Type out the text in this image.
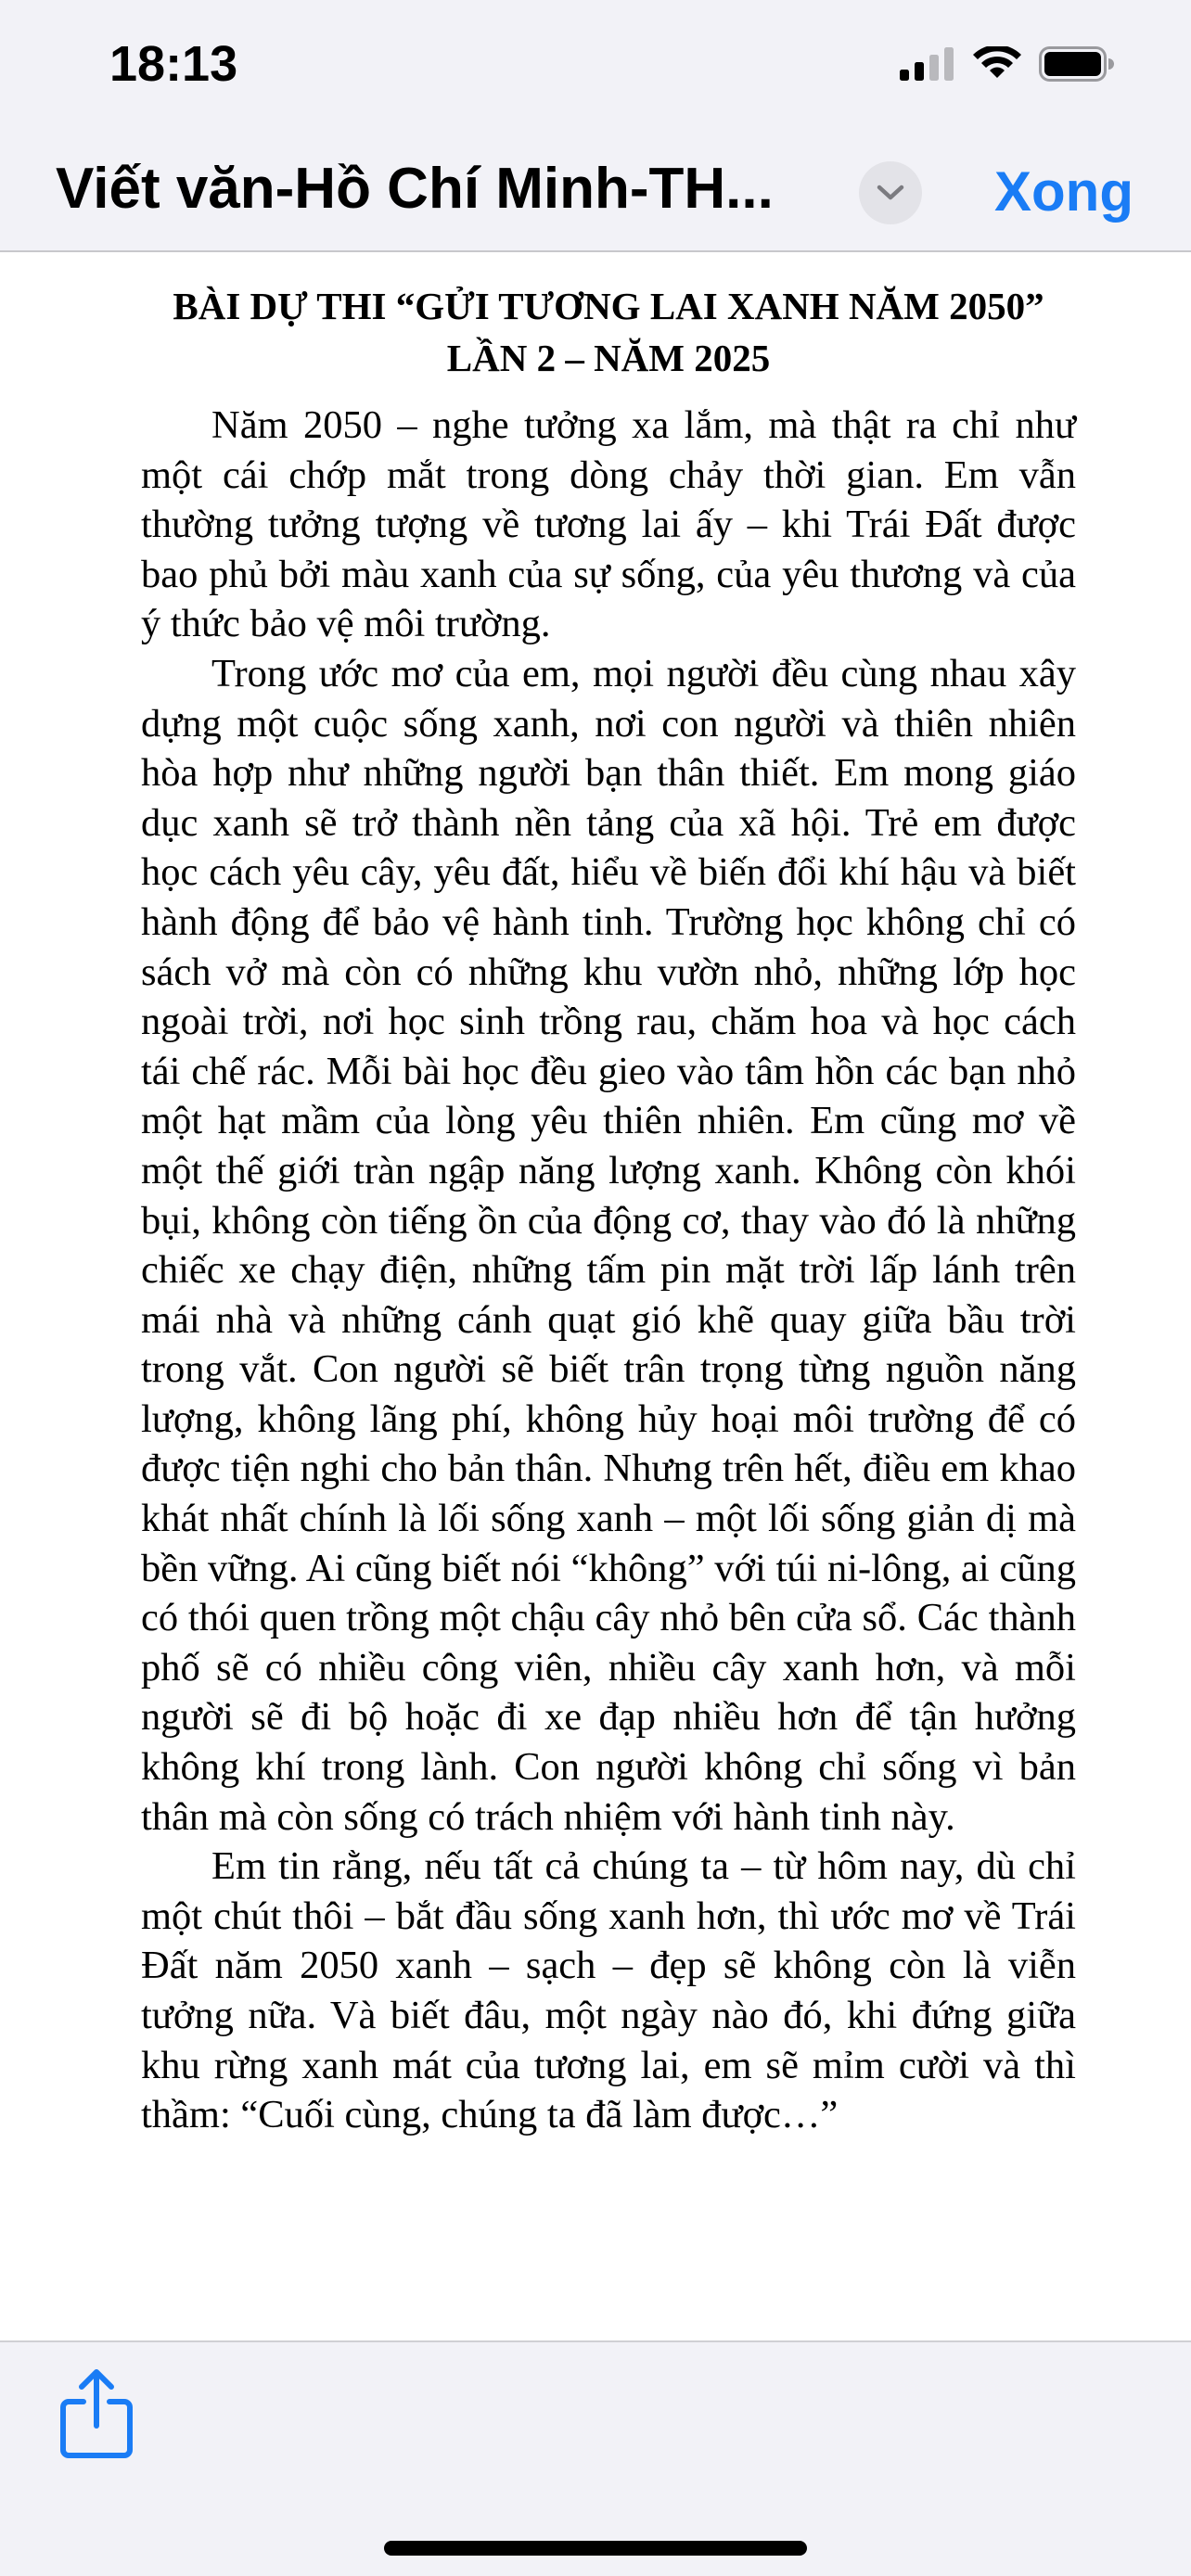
18:13
Viết văn-Hồ Chí Minh-TH...	Xong
BÀI DỰ THI “GỬI TƯƠNG LAI XANH NĂM 2050” LẦN 2 – NĂM 2025

Năm 2050 – nghe tưởng xa lắm, mà thật ra chỉ như một cái chớp mắt trong dòng chảy thời gian. Em vẫn thường tưởng tượng về tương lai ấy – khi Trái Đất được bao phủ bởi màu xanh của sự sống, của yêu thương và của ý thức bảo vệ môi trường.

Trong ước mơ của em, mọi người đều cùng nhau xây dựng một cuộc sống xanh, nơi con người và thiên nhiên hòa hợp như những người bạn thân thiết. Em mong giáo dục xanh sẽ trở thành nền tảng của xã hội. Trẻ em được học cách yêu cây, yêu đất, hiểu về biến đổi khí hậu và biết hành động để bảo vệ hành tinh. Trường học không chỉ có sách vở mà còn có những khu vườn nhỏ, những lớp học ngoài trời, nơi học sinh trồng rau, chăm hoa và học cách tái chế rác. Mỗi bài học đều gieo vào tâm hồn các bạn nhỏ một hạt mầm của lòng yêu thiên nhiên. Em cũng mơ về một thế giới tràn ngập năng lượng xanh. Không còn khói bụi, không còn tiếng ồn của động cơ, thay vào đó là những chiếc xe chạy điện, những tấm pin mặt trời lấp lánh trên mái nhà và những cánh quạt gió khẽ quay giữa bầu trời trong vắt. Con người sẽ biết trân trọng từng nguồn năng lượng, không lãng phí, không hủy hoại môi trường để có được tiện nghi cho bản thân. Nhưng trên hết, điều em khao khát nhất chính là lối sống xanh – một lối sống giản dị mà bền vững. Ai cũng biết nói “không” với túi ni-lông, ai cũng có thói quen trồng một chậu cây nhỏ bên cửa sổ. Các thành phố sẽ có nhiều công viên, nhiều cây xanh hơn, và mỗi người sẽ đi bộ hoặc đi xe đạp nhiều hơn để tận hưởng không khí trong lành. Con người không chỉ sống vì bản thân mà còn sống có trách nhiệm với hành tinh này.

Em tin rằng, nếu tất cả chúng ta – từ hôm nay, dù chỉ một chút thôi – bắt đầu sống xanh hơn, thì ước mơ về Trái Đất năm 2050 xanh – sạch – đẹp sẽ không còn là viễn tưởng nữa. Và biết đâu, một ngày nào đó, khi đứng giữa khu rừng xanh mát của tương lai, em sẽ mỉm cười và thì thầm: “Cuối cùng, chúng ta đã làm được…”
